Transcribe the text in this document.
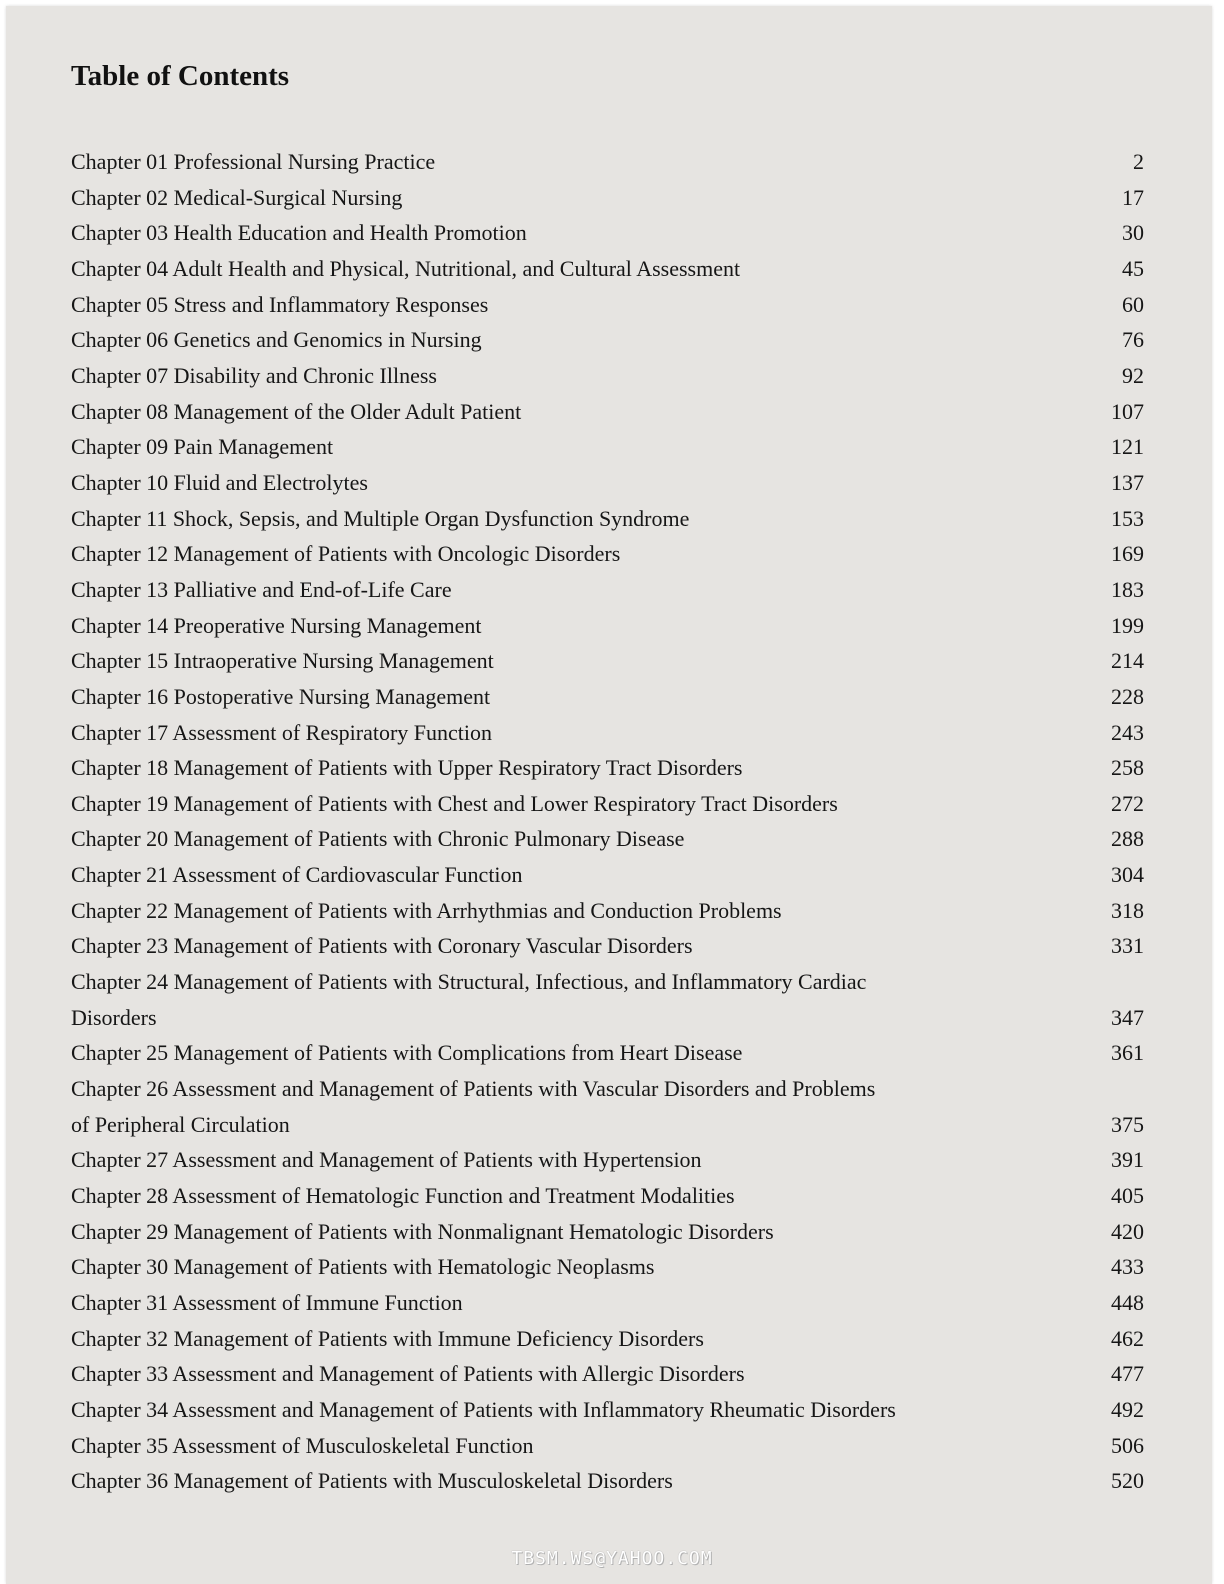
Table of Contents
Chapter 01 Professional Nursing Practice	2
Chapter 02 Medical-Surgical Nursing	17
Chapter 03 Health Education and Health Promotion	30
Chapter 04 Adult Health and Physical, Nutritional, and Cultural Assessment	45
Chapter 05 Stress and Inflammatory Responses	60
Chapter 06 Genetics and Genomics in Nursing	76
Chapter 07 Disability and Chronic Illness	92
Chapter 08 Management of the Older Adult Patient	107
Chapter 09 Pain Management	121
Chapter 10 Fluid and Electrolytes	137
Chapter 11 Shock, Sepsis, and Multiple Organ Dysfunction Syndrome	153
Chapter 12 Management of Patients with Oncologic Disorders	169
Chapter 13 Palliative and End-of-Life Care	183
Chapter 14 Preoperative Nursing Management	199
Chapter 15 Intraoperative Nursing Management	214
Chapter 16 Postoperative Nursing Management	228
Chapter 17 Assessment of Respiratory Function	243
Chapter 18 Management of Patients with Upper Respiratory Tract Disorders	258
Chapter 19 Management of Patients with Chest and Lower Respiratory Tract Disorders	272
Chapter 20 Management of Patients with Chronic Pulmonary Disease	288
Chapter 21 Assessment of Cardiovascular Function	304
Chapter 22 Management of Patients with Arrhythmias and Conduction Problems	318
Chapter 23 Management of Patients with Coronary Vascular Disorders	331
Chapter 24 Management of Patients with Structural, Infectious, and Inflammatory Cardiac
Disorders	347
Chapter 25 Management of Patients with Complications from Heart Disease	361
Chapter 26 Assessment and Management of Patients with Vascular Disorders and Problems
of Peripheral Circulation	375
Chapter 27 Assessment and Management of Patients with Hypertension	391
Chapter 28 Assessment of Hematologic Function and Treatment Modalities	405
Chapter 29 Management of Patients with Nonmalignant Hematologic Disorders	420
Chapter 30 Management of Patients with Hematologic Neoplasms	433
Chapter 31 Assessment of Immune Function	448
Chapter 32 Management of Patients with Immune Deficiency Disorders	462
Chapter 33 Assessment and Management of Patients with Allergic Disorders	477
Chapter 34 Assessment and Management of Patients with Inflammatory Rheumatic Disorders	492
Chapter 35 Assessment of Musculoskeletal Function	506
Chapter 36 Management of Patients with Musculoskeletal Disorders	520
TBSM.WS@YAHOO.COM
